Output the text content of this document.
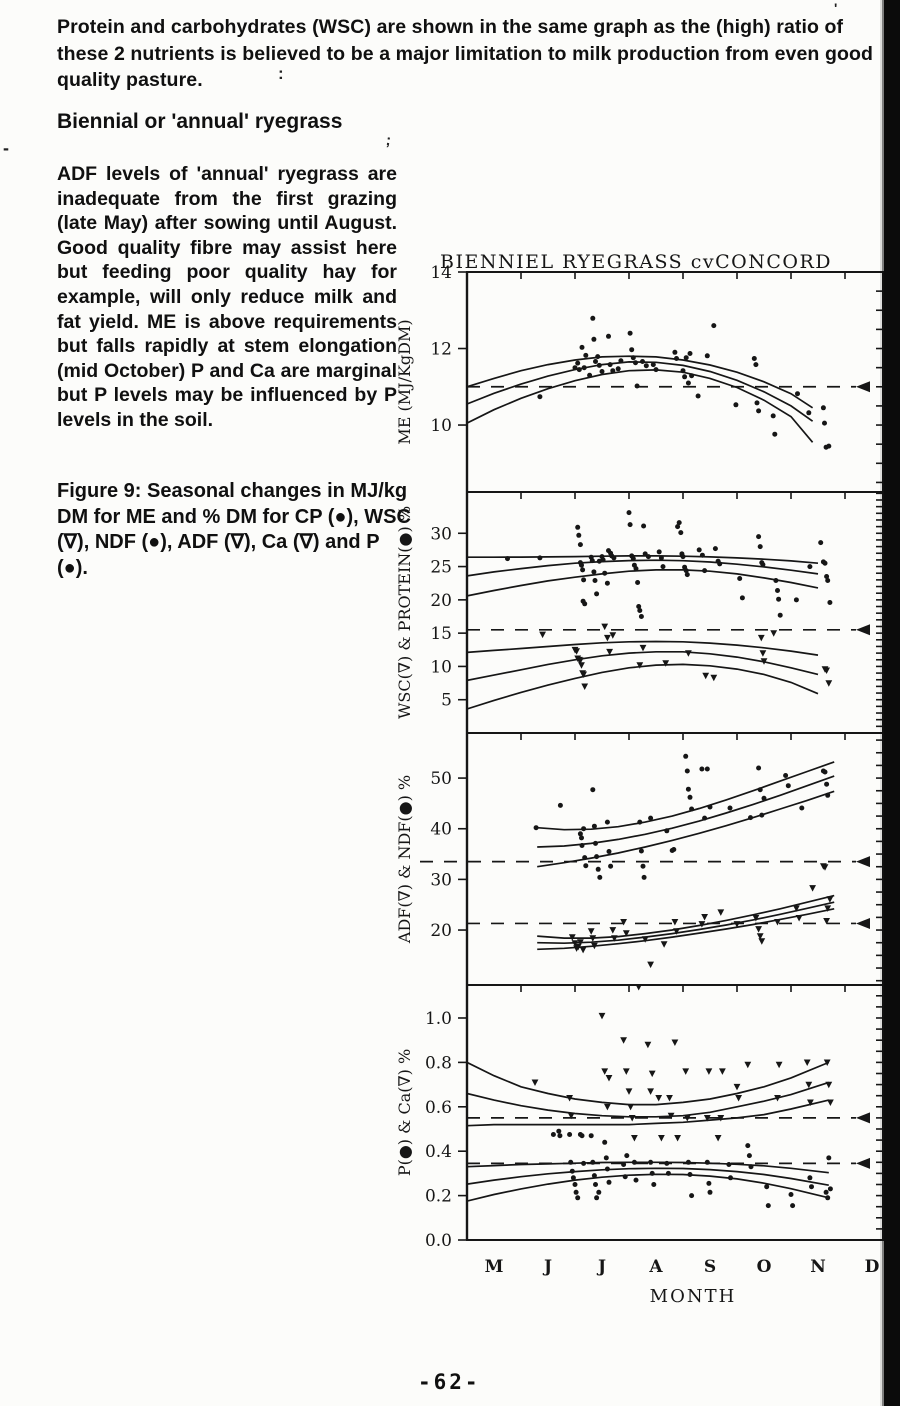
Protein and carbohydrates (WSC) are shown in the same graph as the (high) ratio of these 2 nutrients is believed to be a major limitation to milk production from even good quality pasture.	:
;
-
'
Biennial or 'annual' ryegrass

ADF levels of 'annual' ryegrass are inadequate from the first grazing (late May) after sowing until August. Good quality fibre may assist here but feeding poor quality hay for example, will only reduce milk and fat yield. ME is above requirements but falls rapidly at stem elongation (mid October) P and Ca are marginal but P levels may be influenced by P levels in the soil.

Figure 9: Seasonal changes in MJ/kg DM for ME and % DM for CP (●), WSC (∇), NDF (●), ADF (∇), Ca (∇) and P (●).

BIENNIEL RYEGRASS cvCONCORD
14
12
10
ME (MJ/KgDM)
30
25
20
15
10
5
WSC(∇) & PROTEIN(●) %
50
40
30
20
ADF(∇) & NDF(●) %
1.0
0.8
0.6
0.4
0.2
0.0
P(●) & Ca(∇) %
M J	J	A S O N D
MONTH
-62-
